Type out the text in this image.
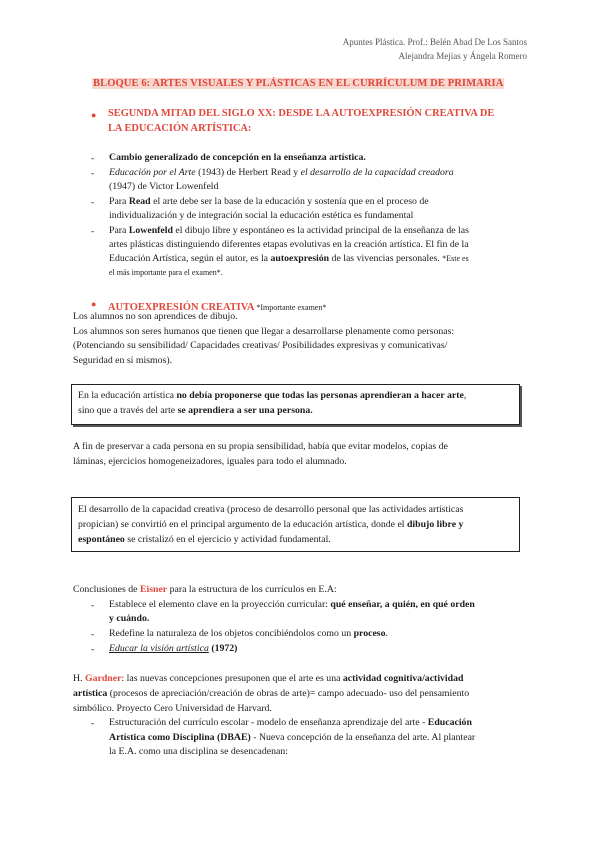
Apuntes Plástica. Prof.: Belén Abad De Los Santos
Alejandra Mejías y Ángela Romero
BLOQUE 6: ARTES VISUALES Y PLÁSTICAS EN EL CURRÍCULUM DE PRIMARIA
● SEGUNDA MITAD DEL SIGLO XX: DESDE LA AUTOEXPRESIÓN CREATIVA DE
LA EDUCACIÓN ARTÍSTICA:
- Cambio generalizado de concepción en la enseñanza artística.
- Educación por el Arte (1943) de Herbert Read y el desarrollo de la capacidad creadora
(1947) de Victor Lowenfeld
- Para Read el arte debe ser la base de la educación y sostenía que en el proceso de
individualización y de integración social la educación estética es fundamental
- Para Lowenfeld el dibujo libre y espontáneo es la actividad principal de la enseñanza de las
artes plásticas distinguiendo diferentes etapas evolutivas en la creación artística. El fin de la
Educación Artística, según el autor, es la autoexpresión de las vivencias personales. *Este es
el más importante para el examen*.
● AUTOEXPRESIÓN CREATIVA *Importante examen*
Los alumnos no son aprendices de dibujo.
Los alumnos son seres humanos que tienen que llegar a desarrollarse plenamente como personas:
(Potenciando su sensibilidad/ Capacidades creativas/ Posibilidades expresivas y comunicativas/
Seguridad en sí mismos).
En la educación artística no debía proponerse que todas las personas aprendieran a hacer arte,
sino que a través del arte se aprendiera a ser una persona.
A fin de preservar a cada persona en su propia sensibilidad, había que evitar modelos, copias de
láminas, ejercicios homogeneizadores, iguales para todo el alumnado.
El desarrollo de la capacidad creativa (proceso de desarrollo personal que las actividades artísticas
propician) se convirtió en el principal argumento de la educación artística, donde el dibujo libre y
espontáneo se cristalizó en el ejercicio y actividad fundamental.
Conclusiones de Eisner para la estructura de los currículos en E.A:
- Establece el elemento clave en la proyección curricular: qué enseñar, a quién, en qué orden
y cuándo.
- Redefine la naturaleza de los objetos concibiéndolos como un proceso.
- Educar la visión artística (1972)
H. Gardner: las nuevas concepciones presuponen que el arte es una actividad cognitiva/actividad
artística (procesos de apreciación/creación de obras de arte)= campo adecuado- uso del pensamiento
simbólico. Proyecto Cero Universidad de Harvard.
- Estructuración del currículo escolar - modelo de enseñanza aprendizaje del arte - Educación
Artística como Disciplina (DBAE) - Nueva concepción de la enseñanza del arte. Al plantear
la E.A. como una disciplina se desencadenan:
